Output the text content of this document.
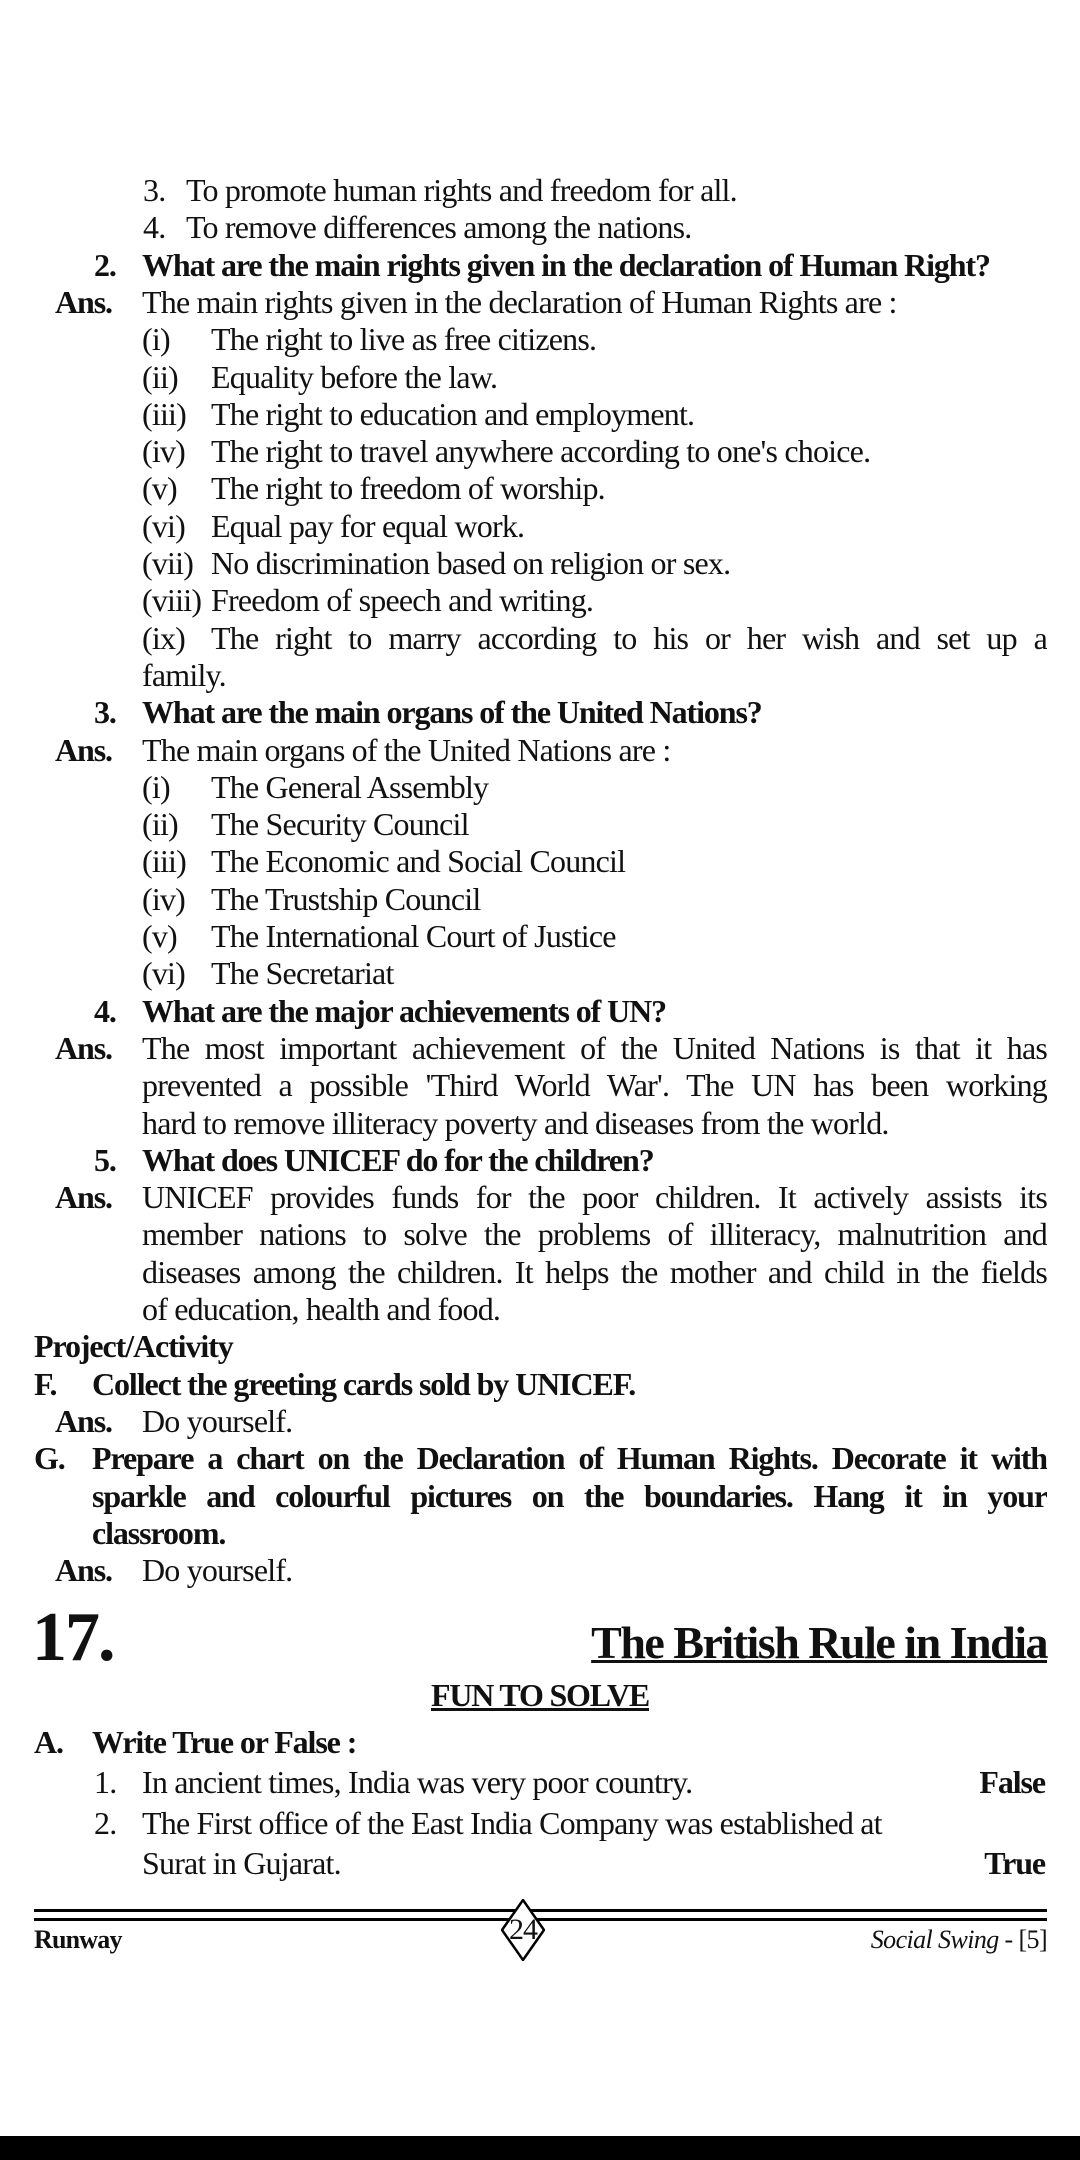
3. To promote human rights and freedom for all.
4. To remove differences among the nations.
2. What are the main rights given in the declaration of Human Right?
Ans. The main rights given in the declaration of Human Rights are :
(i) The right to live as free citizens.
(ii) Equality before the law.
(iii) The right to education and employment.
(iv) The right to travel anywhere according to one's choice.
(v) The right to freedom of worship.
(vi) Equal pay for equal work.
(vii) No discrimination based on religion or sex.
(viii) Freedom of speech and writing.
(ix) The right to marry according to his or her wish and set up a
family.
3. What are the main organs of the United Nations?
Ans. The main organs of the United Nations are :
(i) The General Assembly
(ii) The Security Council
(iii) The Economic and Social Council
(iv) The Trustship Council
(v) The International Court of Justice
(vi) The Secretariat
4. What are the major achievements of UN?
Ans. The most important achievement of the United Nations is that it has
prevented a possible 'Third World War'. The UN has been working
hard to remove illiteracy poverty and diseases from the world.
5. What does UNICEF do for the children?
Ans. UNICEF provides funds for the poor children. It actively assists its
member nations to solve the problems of illiteracy, malnutrition and
diseases among the children. It helps the mother and child in the fields
of education, health and food.
Project/Activity
F. Collect the greeting cards sold by UNICEF.
Ans. Do yourself.
G. Prepare a chart on the Declaration of Human Rights. Decorate it with
sparkle and colourful pictures on the boundaries. Hang it in your
classroom.
Ans. Do yourself.
17.	The British Rule in India
FUN TO SOLVE
A. Write True or False :
1. In ancient times, India was very poor country.	False
2. The First office of the East India Company was established at
Surat in Gujarat.	True
24
Runway	Social Swing - [5]
